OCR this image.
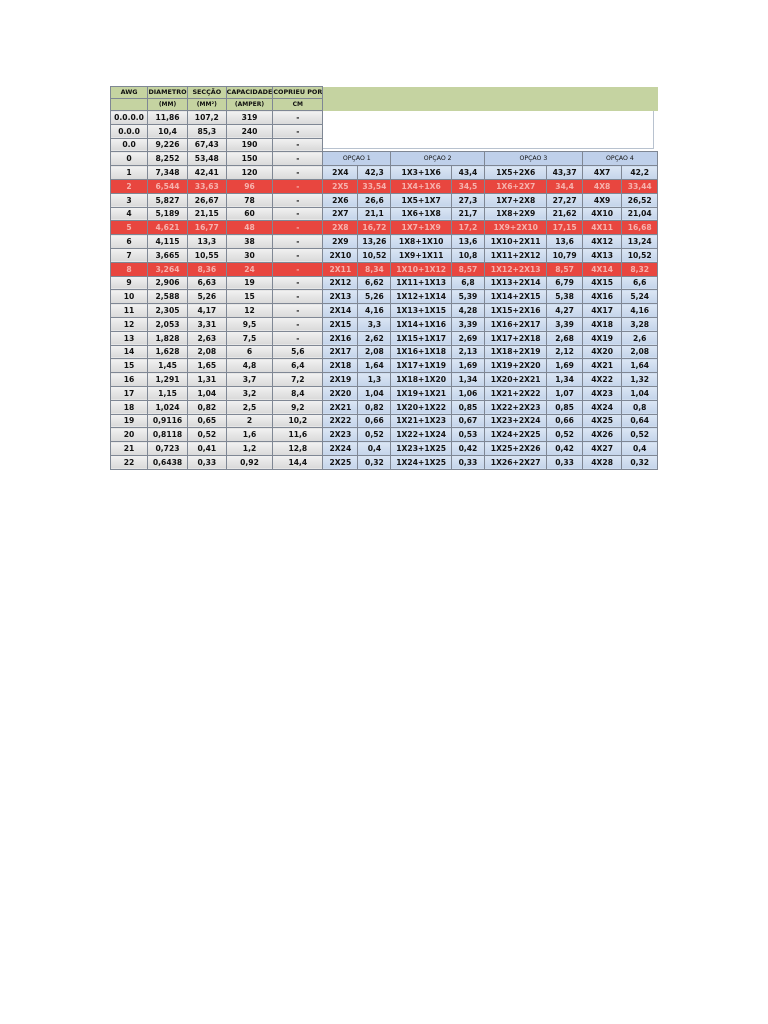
AWG	DIAMETRO	SECÇÃO	CAPACIDADE	COPRIEU POR								
	(MM)	(MM²)	(AMPER)	CM								
0.0.0.0	11,86	107,2	319	-								
0.0.0	10,4	85,3	240	-								
0.0	9,226	67,43	190	-								
0	8,252	53,48	150	-	OPÇAO 1		OPÇAO 2		OPÇAO 3		OPÇAO 4	
1	7,348	42,41	120	-	2X4	42,3	1X3+1X6	43,4	1X5+2X6	43,37	4X7	42,2
2	6,544	33,63	96	-	2X5	33,54	1X4+1X6	34,5	1X6+2X7	34,4	4X8	33,44
3	5,827	26,67	78	-	2X6	26,6	1X5+1X7	27,3	1X7+2X8	27,27	4X9	26,52
4	5,189	21,15	60	-	2X7	21,1	1X6+1X8	21,7	1X8+2X9	21,62	4X10	21,04
5	4,621	16,77	48	-	2X8	16,72	1X7+1X9	17,2	1X9+2X10	17,15	4X11	16,68
6	4,115	13,3	38	-	2X9	13,26	1X8+1X10	13,6	1X10+2X11	13,6	4X12	13,24
7	3,665	10,55	30	-	2X10	10,52	1X9+1X11	10,8	1X11+2X12	10,79	4X13	10,52
8	3,264	8,36	24	-	2X11	8,34	1X10+1X12	8,57	1X12+2X13	8,57	4X14	8,32
9	2,906	6,63	19	-	2X12	6,62	1X11+1X13	6,8	1X13+2X14	6,79	4X15	6,6
10	2,588	5,26	15	-	2X13	5,26	1X12+1X14	5,39	1X14+2X15	5,38	4X16	5,24
11	2,305	4,17	12	-	2X14	4,16	1X13+1X15	4,28	1X15+2X16	4,27	4X17	4,16
12	2,053	3,31	9,5	-	2X15	3,3	1X14+1X16	3,39	1X16+2X17	3,39	4X18	3,28
13	1,828	2,63	7,5	-	2X16	2,62	1X15+1X17	2,69	1X17+2X18	2,68	4X19	2,6
14	1,628	2,08	6	5,6	2X17	2,08	1X16+1X18	2,13	1X18+2X19	2,12	4X20	2,08
15	1,45	1,65	4,8	6,4	2X18	1,64	1X17+1X19	1,69	1X19+2X20	1,69	4X21	1,64
16	1,291	1,31	3,7	7,2	2X19	1,3	1X18+1X20	1,34	1X20+2X21	1,34	4X22	1,32
17	1,15	1,04	3,2	8,4	2X20	1,04	1X19+1X21	1,06	1X21+2X22	1,07	4X23	1,04
18	1,024	0,82	2,5	9,2	2X21	0,82	1X20+1X22	0,85	1X22+2X23	0,85	4X24	0,8
19	0,9116	0,65	2	10,2	2X22	0,66	1X21+1X23	0,67	1X23+2X24	0,66	4X25	0,64
20	0,8118	0,52	1,6	11,6	2X23	0,52	1X22+1X24	0,53	1X24+2X25	0,52	4X26	0,52
21	0,723	0,41	1,2	12,8	2X24	0,4	1X23+1X25	0,42	1X25+2X26	0,42	4X27	0,4
22	0,6438	0,33	0,92	14,4	2X25	0,32	1X24+1X25	0,33	1X26+2X27	0,33	4X28	0,32
